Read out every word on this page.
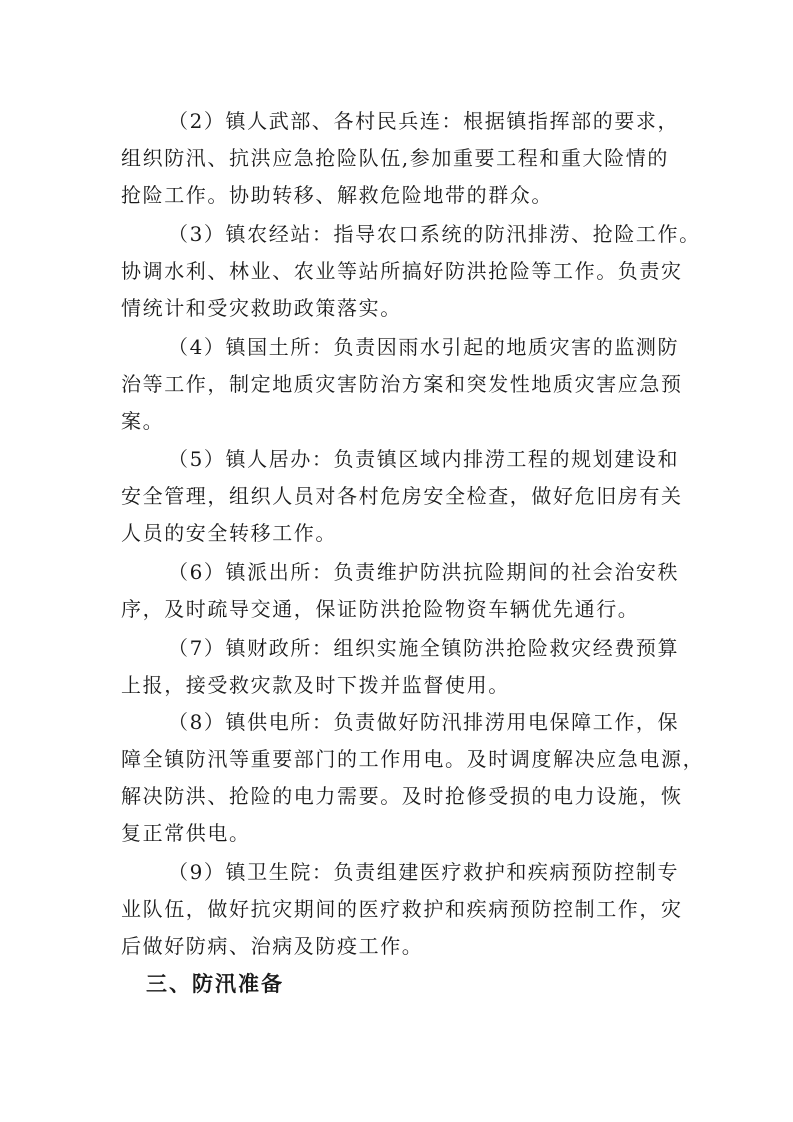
（2）镇人武部、各村民兵连：根据镇指挥部的要求，
组织防汛、抗洪应急抢险队伍,参加重要工程和重大险情的
抢险工作。协助转移、解救危险地带的群众。
（3）镇农经站：指导农口系统的防汛排涝、抢险工作。
协调水利、林业、农业等站所搞好防洪抢险等工作。负责灾
情统计和受灾救助政策落实。
（4）镇国土所：负责因雨水引起的地质灾害的监测防
治等工作，制定地质灾害防治方案和突发性地质灾害应急预
案。
（5）镇人居办：负责镇区域内排涝工程的规划建设和
安全管理，组织人员对各村危房安全检查，做好危旧房有关
人员的安全转移工作。
（6）镇派出所：负责维护防洪抗险期间的社会治安秩
序，及时疏导交通，保证防洪抢险物资车辆优先通行。
（7）镇财政所：组织实施全镇防洪抢险救灾经费预算
上报，接受救灾款及时下拨并监督使用。
（8）镇供电所：负责做好防汛排涝用电保障工作，保
障全镇防汛等重要部门的工作用电。及时调度解决应急电源，
解决防洪、抢险的电力需要。及时抢修受损的电力设施，恢
复正常供电。
（9）镇卫生院：负责组建医疗救护和疾病预防控制专
业队伍，做好抗灾期间的医疗救护和疾病预防控制工作，灾
后做好防病、治病及防疫工作。
三、防汛准备
